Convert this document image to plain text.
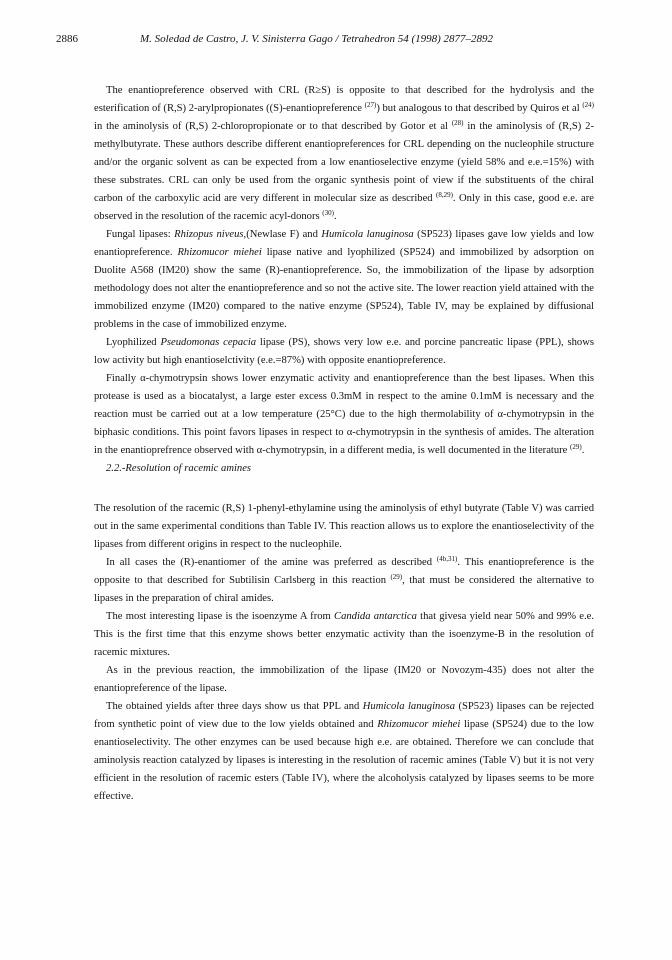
2886	M. Soledad de Castro, J. V. Sinisterra Gago / Tetrahedron 54 (1998) 2877–2892

The enantiopreference observed with CRL (R≥S) is opposite to that described for the hydrolysis and the esterification of (R,S) 2-arylpropionates ((S)-enantiopreference $^{(27)}$) but analogous to that described by Quiros et al $^{(24)}$ in the aminolysis of (R,S) 2-chloropropionate or to that described by Gotor et al $^{(28)}$ in the aminolysis of (R,S) 2-methylbutyrate. These authors describe different enantiopreferences for CRL depending on the nucleophile structure and/or the organic solvent as can be expected from a low enantioselective enzyme (yield 58% and e.e.=15%) with these substrates. CRL can only be used from the organic synthesis point of view if the substituents of the chiral carbon of the carboxylic acid are very different in molecular size as described $^{(8,29)}$. Only in this case, good e.e. are observed in the resolution of the racemic acyl-donors $^{(30)}$.

Fungal lipases: Rhizopus niveus,(Newlase F) and Humicola lanuginosa (SP523) lipases gave low yields and low enantiopreference. Rhizomucor miehei lipase native and lyophilized (SP524) and immobilized by adsorption on Duolite A568 (IM20) show the same (R)-enantiopreference. So, the immobilization of the lipase by adsorption methodology does not alter the enantiopreference and so not the active site. The lower reaction yield attained with the immobilized enzyme (IM20) compared to the native enzyme (SP524), Table IV, may be explained by diffusional problems in the case of immobilized enzyme.

Lyophilized Pseudomonas cepacia lipase (PS), shows very low e.e. and porcine pancreatic lipase (PPL), shows low activity but high enantioselctivity (e.e.=87%) with opposite enantiopreference.

Finally α-chymotrypsin shows lower enzymatic activity and enantiopreference than the best lipases. When this protease is used as a biocatalyst, a large ester excess 0.3mM in respect to the amine 0.1mM is necessary and the reaction must be carried out at a low temperature (25°C) due to the high thermolability of α-chymotrypsin in the biphasic conditions. This point favors lipases in respect to α-chymotrypsin in the synthesis of amides. The alteration in the enantioprefrence observed with α-chymotrypsin, in a different media, is well documented in the literature $^{(29)}$.

2.2.-Resolution of racemic amines

The resolution of the racemic (R,S) 1-phenyl-ethylamine using the aminolysis of ethyl butyrate (Table V) was carried out in the same experimental conditions than Table IV. This reaction allows us to explore the enantioselectivity of the lipases from different origins in respect to the nucleophile.

In all cases the (R)-enantiomer of the amine was preferred as described $^{(4b,31)}$. This enantiopreference is the opposite to that described for Subtilisin Carlsberg in this reaction $^{(29)}$, that must be considered the alternative to lipases in the preparation of chiral amides.

The most interesting lipase is the isoenzyme A from Candida antarctica that givesa yield near 50% and 99% e.e. This is the first time that this enzyme shows better enzymatic activity than the isoenzyme-B in the resolution of racemic mixtures.

As in the previous reaction, the immobilization of the lipase (IM20 or Novozym-435) does not alter the enantiopreference of the lipase.

The obtained yields after three days show us that PPL and Humicola lanuginosa (SP523) lipases can be rejected from synthetic point of view due to the low yields obtained and Rhizomucor miehei lipase (SP524) due to the low enantioselectivity. The other enzymes can be used because high e.e. are obtained. Therefore we can conclude that aminolysis reaction catalyzed by lipases is interesting in the resolution of racemic amines (Table V) but it is not very efficient in the resolution of racemic esters (Table IV), where the alcoholysis catalyzed by lipases seems to be more effective.
